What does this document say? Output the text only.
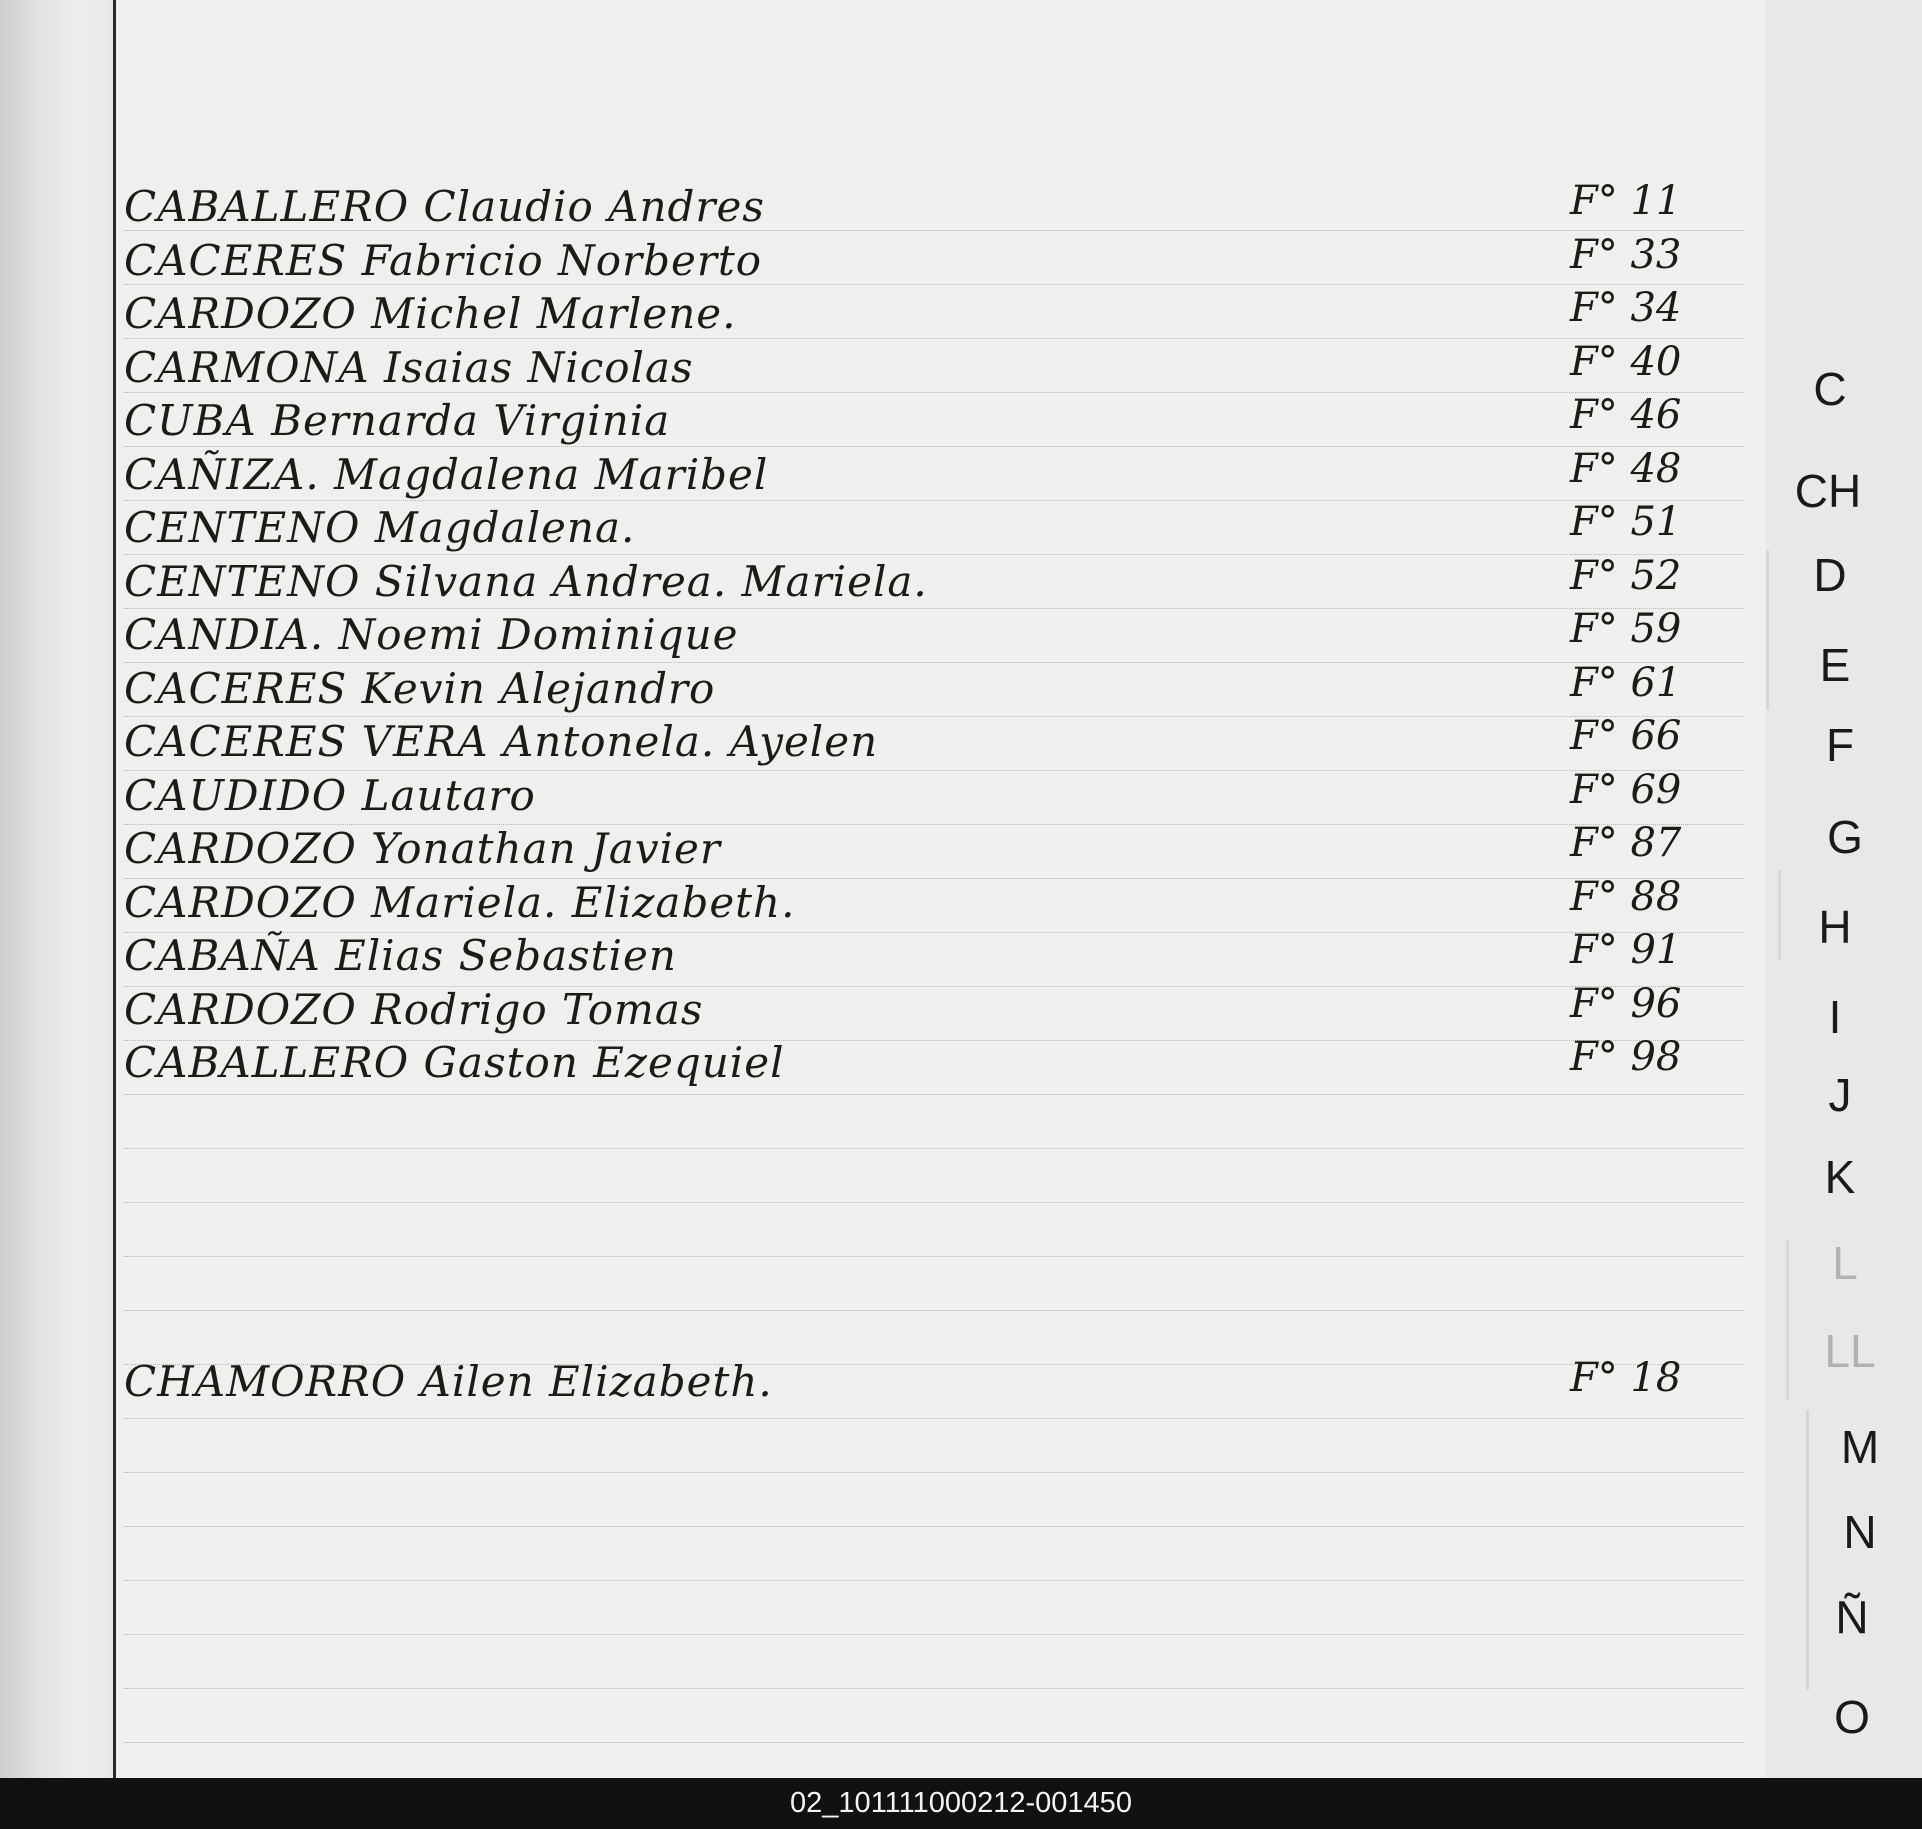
CABALLERO Claudio Andres	F° 11
CACERES Fabricio Norberto	F° 33
CARDOZO Michel Marlene.	F° 34
CARMONA Isaias Nicolas	F° 40
CUBA Bernarda Virginia	F° 46
CAÑIZA. Magdalena Maribel	F° 48
CENTENO Magdalena.	F° 51
CENTENO Silvana Andrea. Mariela.	F° 52
CANDIA. Noemi Dominique	F° 59
CACERES Kevin Alejandro	F° 61
CACERES VERA Antonela. Ayelen	F° 66
CAUDIDO Lautaro	F° 69
CARDOZO Yonathan Javier	F° 87
CARDOZO Mariela. Elizabeth.	F° 88
CABAÑA Elias Sebastien	F° 91
CARDOZO Rodrigo Tomas	F° 96
CABALLERO Gaston Ezequiel	F° 98
CHAMORRO Ailen Elizabeth.	F° 18
C
CH
D
E
F
G
H
I
J
K
L
LL
M
N
Ñ
O
02_101111000212-001450
